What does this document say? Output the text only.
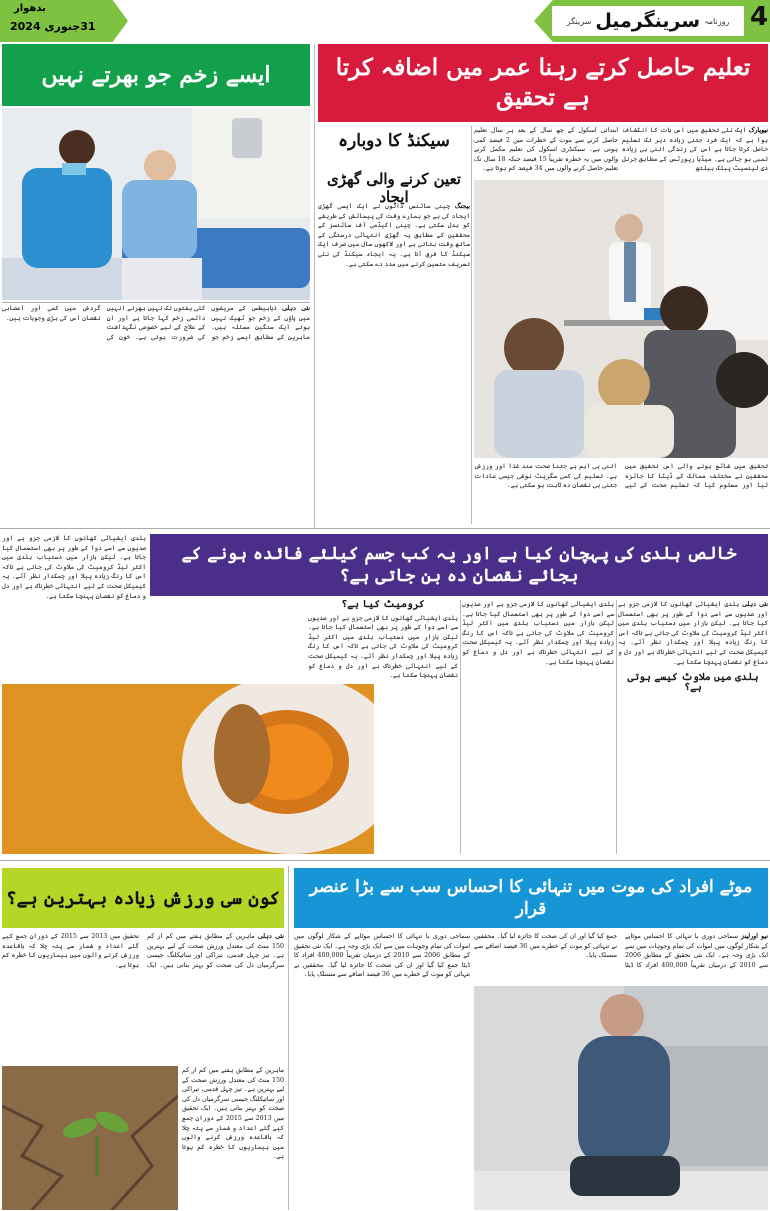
بدھوار
31جنوری 2024	روزنامہ
سرینگرمیل
سرینگر	4
تعلیم حاصل کرتے رہنا عمر میں اضافہ کرتا ہے تحقیق
نیویارک ایک نئی تحقیق میں اس بات کا انکشاف ہوا ہے کہ ایک فرد جتنی زیادہ دیر تک تعلیم حاصل کرتا جاتا ہے اس کی زندگی اتنی ہی زیادہ لمبی ہو جاتی ہے۔ میڈیا رپورٹس کے مطابق جرنل دی لینسیٹ پبلک ہیلتھ
ابتدائی اسکول کے چھ سال کے بعد ہر سال تعلیم حاصل کرنے سے موت کے خطرات میں 2 فیصد کمی ہوتی ہے۔ سیکنڈری اسکول کی تعلیم مکمل کرنے والوں میں یہ خطرہ تقریباً 15 فیصد جبکہ 18 سال تک تعلیم حاصل کرنے والوں میں 34 فیصد کم ہوتا ہے۔
تحقیق میں شائع ہونے والی اس تحقیق میں محققین نے مختلف ممالک کے ڈیٹا کا جائزہ لیا اور معلوم کیا کہ تعلیم صحت کے لیے اتنی ہی اہم ہے جتنا صحت مند غذا اور ورزش ہے۔ تعلیم کی کمی سگریٹ نوشی جیسی عادات جتنی ہی نقصان دہ ثابت ہو سکتی ہے۔
سیکنڈ کا دوبارہ
تعین کرنے والی گھڑی ایجاد
بیجنگ چینی سائنس دانوں نے ایک ایسی گھڑی ایجاد کی ہے جو ہمارے وقت کی پیمائش کے طریقے کو بدل سکتی ہے۔ چینی اکیڈمی آف سائنسز کے محققین کے مطابق یہ گھڑی انتہائی درستگی کے ساتھ وقت بتاتی ہے اور لاکھوں سال میں صرف ایک سیکنڈ کا فرق آتا ہے۔ یہ ایجاد سیکنڈ کی نئی تعریف متعین کرنے میں مدد دے سکتی ہے۔
ایسے زخم جو بھرتے نہیں
نئی دہلی ذیابیطس کے مریضوں میں پاؤں کے زخم جو ٹھیک نہیں ہوتے ایک سنگین مسئلہ ہیں۔ ماہرین کے مطابق ایسے زخم جو کئی ہفتوں تک نہیں بھرتے انہیں دائمی زخم کہا جاتا ہے اور ان کے علاج کے لیے خصوصی نگہداشت کی ضرورت ہوتی ہے۔ خون کی گردش میں کمی اور اعصابی نقصان اس کی بڑی وجوہات ہیں۔
خالص ہلدی کی پہچان کیا ہے اور یہ کب جسم کیلئے فائدہ ہونے کے بجائے نقصان دہ بن جاتی ہے؟
ہلدی ایشیائی کھانوں کا لازمی جزو ہے اور صدیوں سے اسے دوا کے طور پر بھی استعمال کیا جاتا ہے۔ لیکن بازار میں دستیاب ہلدی میں اکثر لیڈ کرومیٹ کی ملاوٹ کی جاتی ہے تاکہ اس کا رنگ زیادہ پیلا اور چمکدار نظر آئے۔ یہ کیمیکل صحت کے لیے انتہائی خطرناک ہے اور دل و دماغ کو نقصان پہنچا سکتا ہے۔
نئی دہلی ہلدی ایشیائی کھانوں کا لازمی جزو ہے اور صدیوں سے اسے دوا کے طور پر بھی استعمال کیا جاتا ہے۔ لیکن بازار میں دستیاب ہلدی میں اکثر لیڈ کرومیٹ کی ملاوٹ کی جاتی ہے تاکہ اس کا رنگ زیادہ پیلا اور چمکدار نظر آئے۔ یہ کیمیکل صحت کے لیے انتہائی خطرناک ہے اور دل و دماغ کو نقصان پہنچا سکتا ہے۔
ہلدی میں ملاوٹ کیسے ہوتی ہے؟
ہلدی ایشیائی کھانوں کا لازمی جزو ہے اور صدیوں سے اسے دوا کے طور پر بھی استعمال کیا جاتا ہے۔ لیکن بازار میں دستیاب ہلدی میں اکثر لیڈ کرومیٹ کی ملاوٹ کی جاتی ہے تاکہ اس کا رنگ زیادہ پیلا اور چمکدار نظر آئے۔ یہ کیمیکل صحت کے لیے انتہائی خطرناک ہے اور دل و دماغ کو نقصان پہنچا سکتا ہے۔
کرومیٹ کیا ہے؟
ہلدی ایشیائی کھانوں کا لازمی جزو ہے اور صدیوں سے اسے دوا کے طور پر بھی استعمال کیا جاتا ہے۔ لیکن بازار میں دستیاب ہلدی میں اکثر لیڈ کرومیٹ کی ملاوٹ کی جاتی ہے تاکہ اس کا رنگ زیادہ پیلا اور چمکدار نظر آئے۔ یہ کیمیکل صحت کے لیے انتہائی خطرناک ہے اور دل و دماغ کو نقصان پہنچا سکتا ہے۔
موٹے افراد کی موت میں تنہائی کا احساس سب سے بڑا عنصر قرار
نیو اورلینز سماجی دوری یا تنہائی کا احساس موٹاپے کے شکار لوگوں میں اموات کی تمام وجوہات میں سے ایک بڑی وجہ ہے۔ ایک نئی تحقیق کے مطابق 2006 سے 2010 کے درمیان تقریباً 400,000 افراد کا ڈیٹا جمع کیا گیا اور ان کی صحت کا جائزہ لیا گیا۔ محققین نے تنہائی کو موت کے خطرے میں 36 فیصد اضافے سے منسلک پایا۔
سماجی دوری یا تنہائی کا احساس موٹاپے کے شکار لوگوں میں اموات کی تمام وجوہات میں سے ایک بڑی وجہ ہے۔ ایک نئی تحقیق کے مطابق 2006 سے 2010 کے درمیان تقریباً 400,000 افراد کا ڈیٹا جمع کیا گیا اور ان کی صحت کا جائزہ لیا گیا۔ محققین نے تنہائی کو موت کے خطرے میں 36 فیصد اضافے سے منسلک پایا۔
کون سی ورزش زیادہ بہترین ہے؟
نئی دہلی ماہرین کے مطابق ہفتے میں کم از کم 150 منٹ کی معتدل ورزش صحت کے لیے بہترین ہے۔ تیز چہل قدمی، تیراکی اور سائیکلنگ جیسی سرگرمیاں دل کی صحت کو بہتر بناتی ہیں۔ ایک تحقیق میں 2013 سے 2015 کے دوران جمع کیے گئے اعداد و شمار سے پتہ چلا کہ باقاعدہ ورزش کرنے والوں میں بیماریوں کا خطرہ کم ہوتا ہے۔
ماہرین کے مطابق ہفتے میں کم از کم 150 منٹ کی معتدل ورزش صحت کے لیے بہترین ہے۔ تیز چہل قدمی، تیراکی اور سائیکلنگ جیسی سرگرمیاں دل کی صحت کو بہتر بناتی ہیں۔ ایک تحقیق میں 2013 سے 2015 کے دوران جمع کیے گئے اعداد و شمار سے پتہ چلا کہ باقاعدہ ورزش کرنے والوں میں بیماریوں کا خطرہ کم ہوتا ہے۔
